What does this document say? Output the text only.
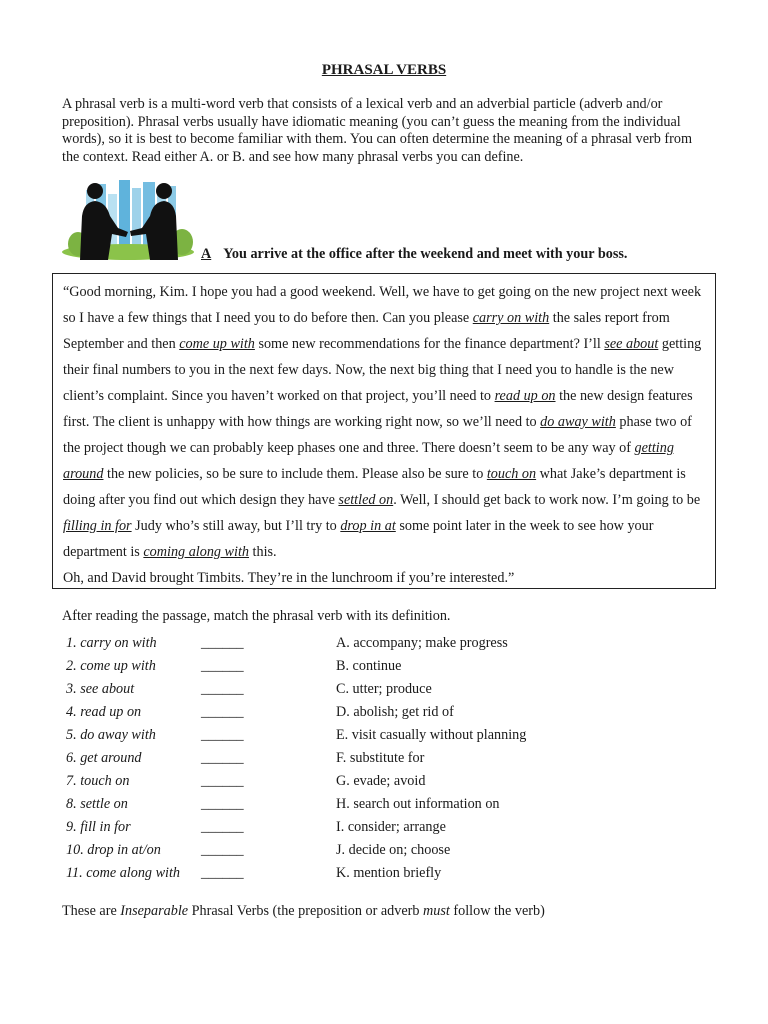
PHRASAL VERBS
A phrasal verb is a multi-word verb that consists of a lexical verb and an adverbial particle (adverb and/or preposition). Phrasal verbs usually have idiomatic meaning (you can’t guess the meaning from the individual words), so it is best to become familiar with them. You can often determine the meaning of a phrasal verb from the context. Read either A. or B. and see how many phrasal verbs you can define.
A You arrive at the office after the weekend and meet with your boss.
“Good morning, Kim. I hope you had a good weekend. Well, we have to get going on the new project next week so I have a few things that I need you to do before then. Can you please carry on with the sales report from September and then come up with some new recommendations for the finance department? I’ll see about getting their final numbers to you in the next few days. Now, the next big thing that I need you to handle is the new client’s complaint. Since you haven’t worked on that project, you’ll need to read up on the new design features first. The client is unhappy with how things are working right now, so we’ll need to do away with phase two of the project though we can probably keep phases one and three. There doesn’t seem to be any way of getting around the new policies, so be sure to include them. Please also be sure to touch on what Jake’s department is doing after you find out which design they have settled on. Well, I should get back to work now. I’m going to be filling in for Judy who’s still away, but I’ll try to drop in at some point later in the week to see how your department is coming along with this.
Oh, and David brought Timbits. They’re in the lunchroom if you’re interested.”
After reading the passage, match the phrasal verb with its definition.
1. carry on with	______	A. accompany; make progress
2. come up with	______	B. continue
3. see about	______	C. utter; produce
4. read up on	______	D. abolish; get rid of
5. do away with	______	E. visit casually without planning
6. get around	______	F. substitute for
7. touch on	______	G. evade; avoid
8. settle on	______	H. search out information on
9. fill in for	______	I. consider; arrange
10. drop in at/on	______	J. decide on; choose
11. come along with ______	K. mention briefly
These are Inseparable Phrasal Verbs (the preposition or adverb must follow the verb)
